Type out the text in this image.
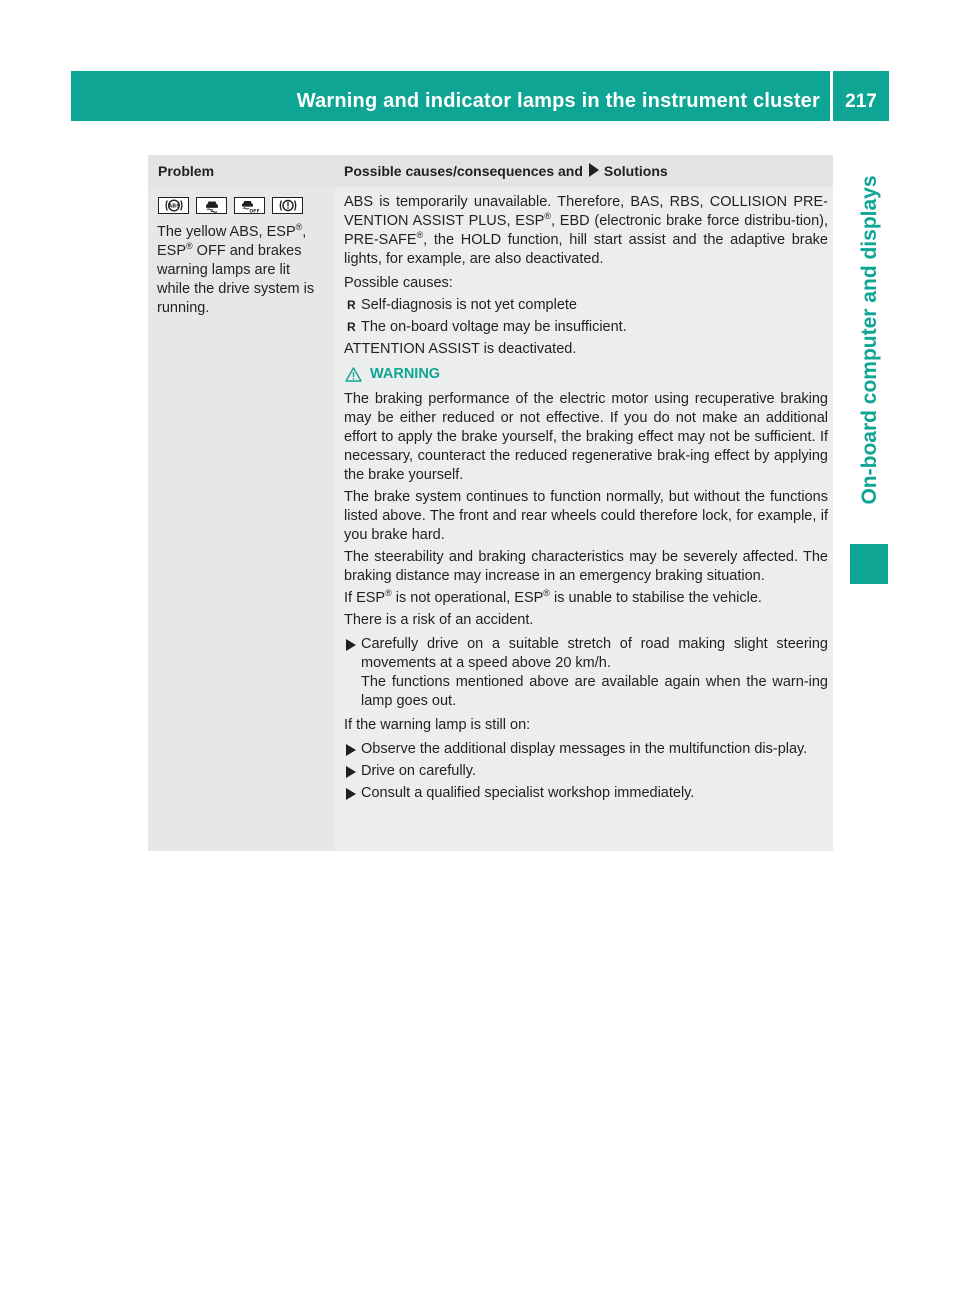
Warning and indicator lamps in the instrument cluster	217
On-board computer and displays
Problem	Possible causes/consequences and Solutions
ABS
OFF

The yellow ABS, ESP®,

ESP® OFF and brakes

warning lamps are lit

while the drive system is

running.

ABS is temporarily unavailable. Therefore, BAS, RBS, COLLISION PRE-VENTION ASSIST PLUS, ESP®, EBD (electronic brake force distribu-tion), PRE-SAFE®, the HOLD function, hill start assist and the adaptive brake lights, for example, are also deactivated.

Possible causes:

R Self-diagnosis is not yet complete

R The on-board voltage may be insufficient.

ATTENTION ASSIST is deactivated.

WARNING

The braking performance of the electric motor using recuperative braking may be either reduced or not effective. If you do not make an additional effort to apply the brake yourself, the braking effect may not be sufficient. If necessary, counteract the reduced regenerative brak-ing effect by applying the brake yourself.

The brake system continues to function normally, but without the functions listed above. The front and rear wheels could therefore lock, for example, if you brake hard.

The steerability and braking characteristics may be severely affected. The braking distance may increase in an emergency braking situation.

If ESP® is not operational, ESP® is unable to stabilise the vehicle.

There is a risk of an accident.

Carefully drive on a suitable stretch of road making slight steering movements at a speed above 20 km/h.
The functions mentioned above are available again when the warn-ing lamp goes out.

If the warning lamp is still on:

Observe the additional display messages in the multifunction dis-play.

Drive on carefully.

Consult a qualified specialist workshop immediately.
